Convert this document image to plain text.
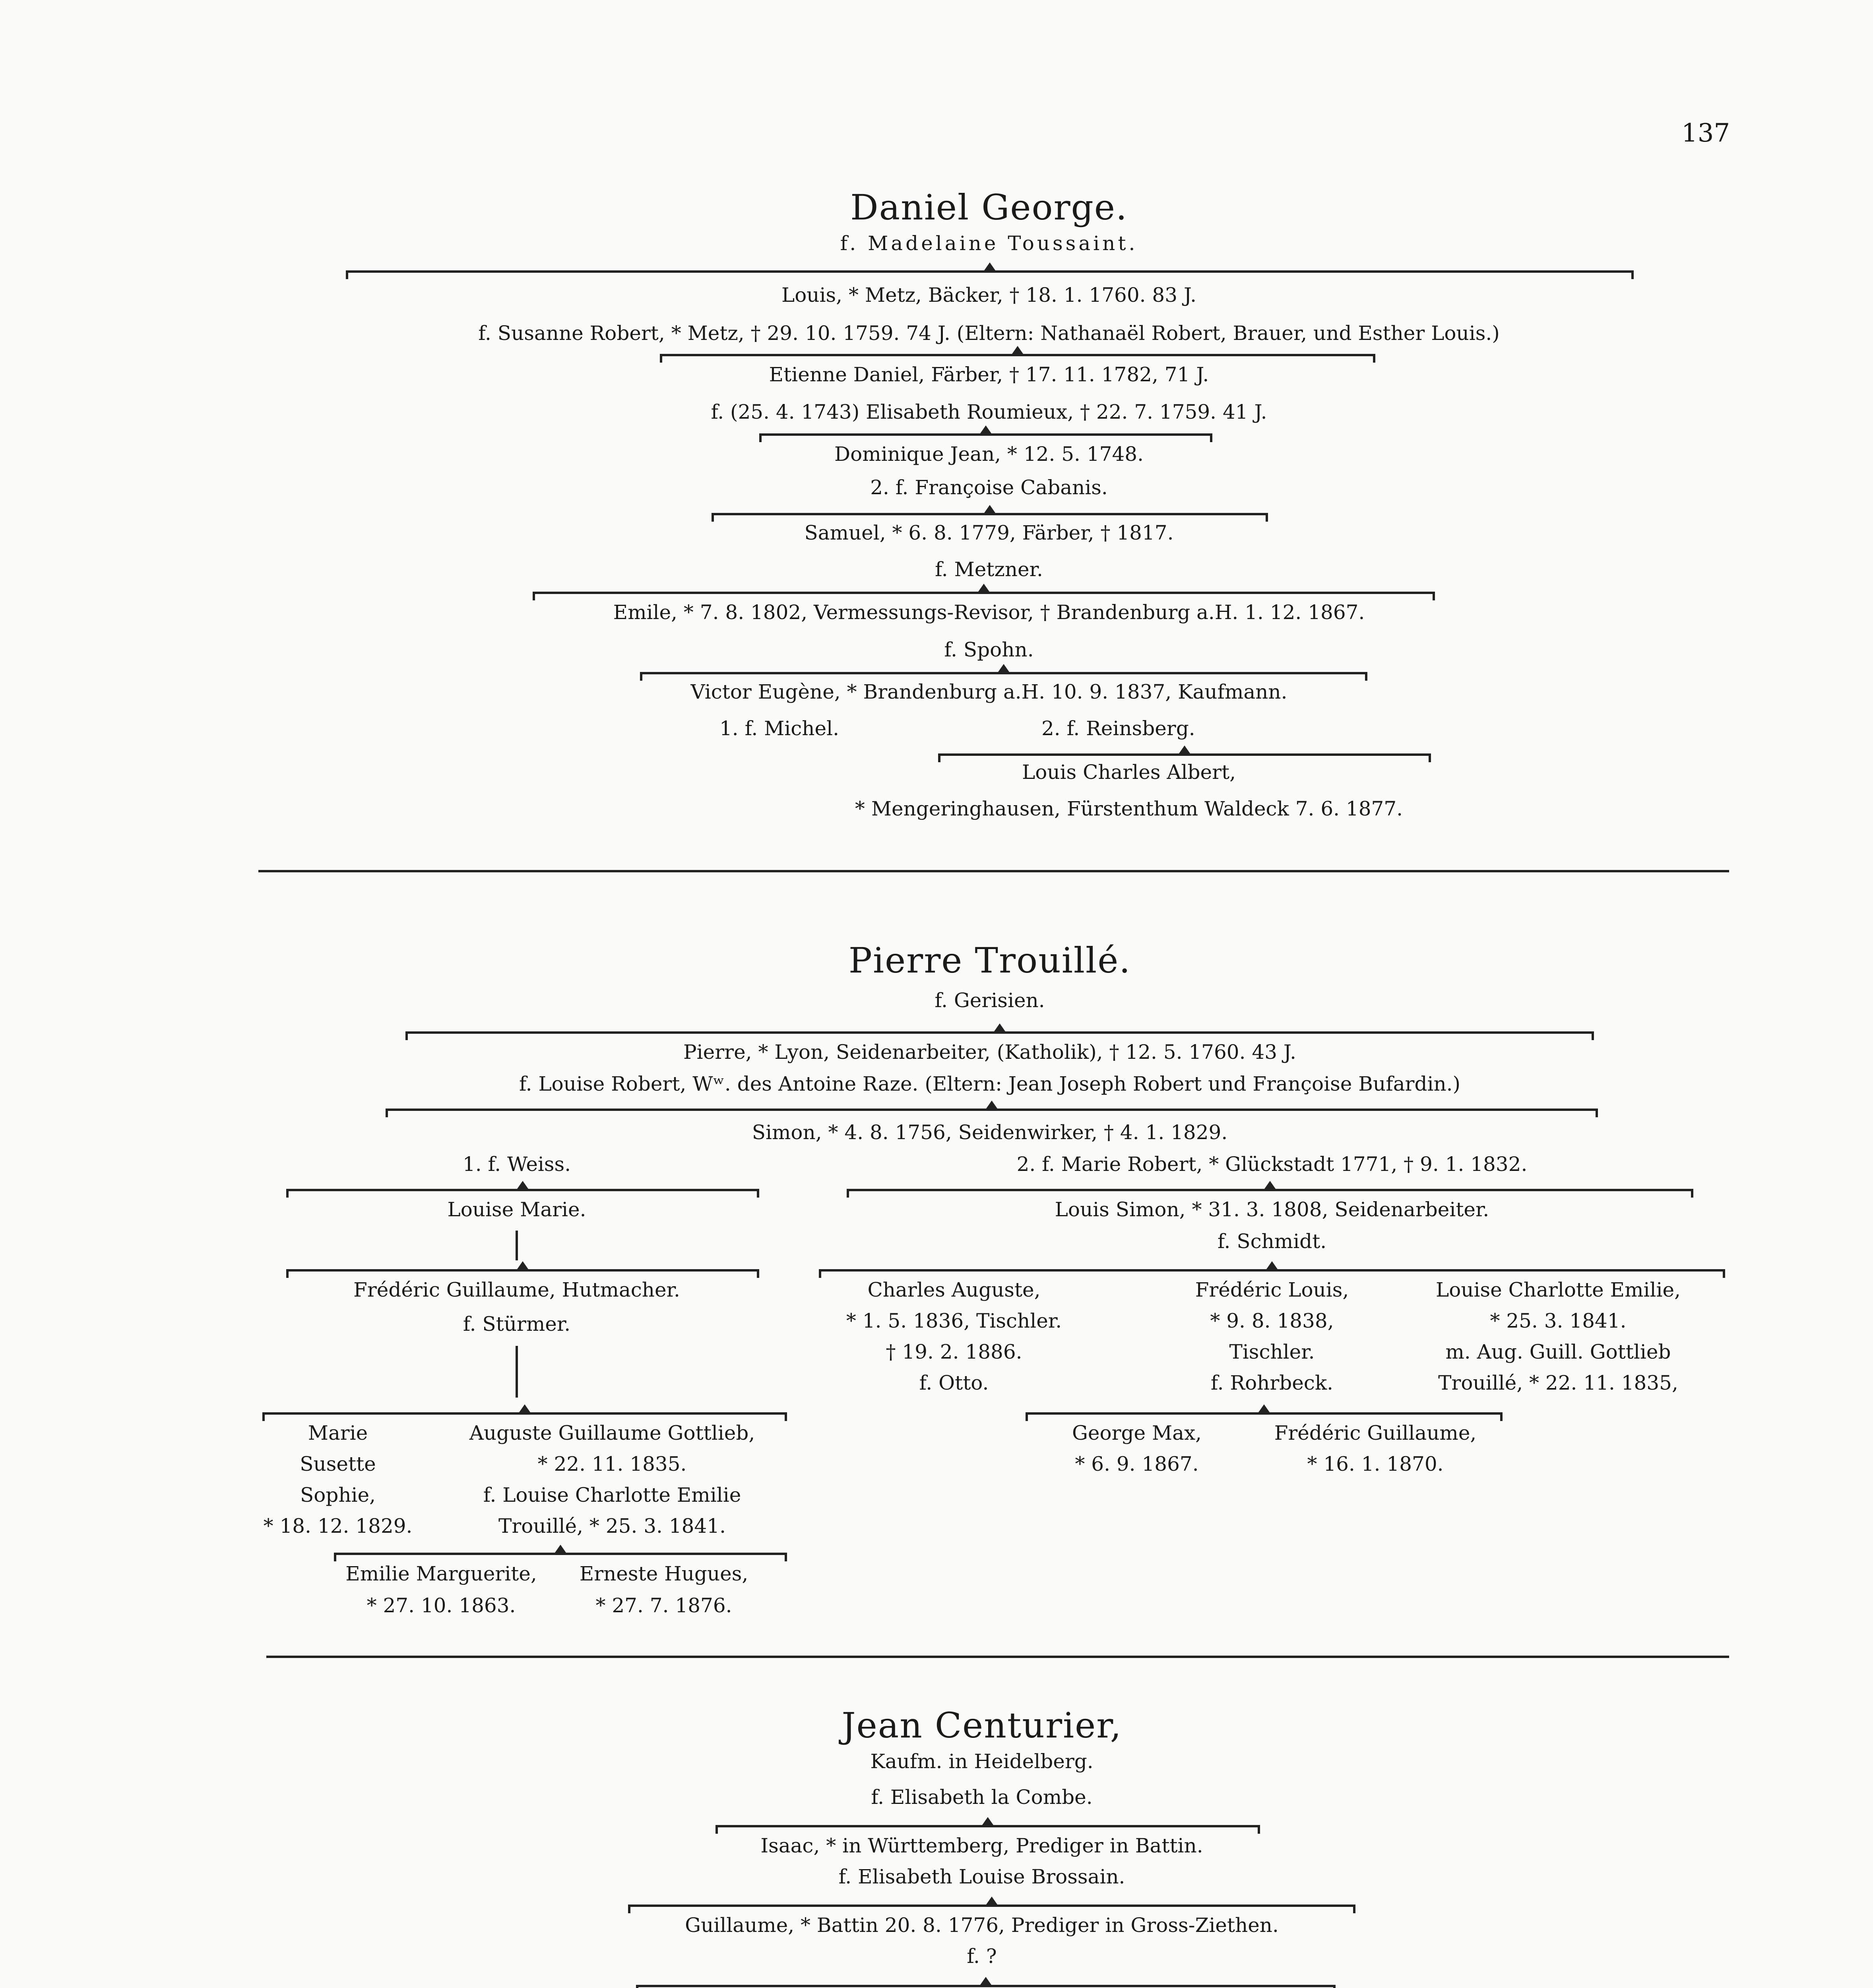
137
Daniel George.
f. Madelaine Toussaint.
Louis, * Metz, Bäcker, † 18. 1. 1760. 83 J.
f. Susanne Robert, * Metz, † 29. 10. 1759. 74 J. (Eltern: Nathanaël Robert, Brauer, und Esther Louis.)
Etienne Daniel, Färber, † 17. 11. 1782, 71 J.
f. (25. 4. 1743) Elisabeth Roumieux, † 22. 7. 1759. 41 J.
Dominique Jean, * 12. 5. 1748.
2. f. Françoise Cabanis.
Samuel, * 6. 8. 1779, Färber, † 1817.
f. Metzner.
Emile, * 7. 8. 1802, Vermessungs-Revisor, † Brandenburg a.H. 1. 12. 1867.
f. Spohn.
Victor Eugène, * Brandenburg a.H. 10. 9. 1837, Kaufmann.
1. f. Michel.	2. f. Reinsberg.
Louis Charles Albert,
* Mengeringhausen, Fürstenthum Waldeck 7. 6. 1877.
Pierre Trouillé.
f. Gerisien.
Pierre, * Lyon, Seidenarbeiter, (Katholik), † 12. 5. 1760. 43 J.
f. Louise Robert, Wʷ. des Antoine Raze. (Eltern: Jean Joseph Robert und Françoise Bufardin.)
Simon, * 4. 8. 1756, Seidenwirker, † 4. 1. 1829.
1. f. Weiss.	2. f. Marie Robert, * Glückstadt 1771, † 9. 1. 1832.
Louise Marie.
Frédéric Guillaume, Hutmacher.
f. Stürmer.
Marie
Susette
Sophie,
* 18. 12. 1829.
Auguste Guillaume Gottlieb,
* 22. 11. 1835.
f. Louise Charlotte Emilie
Trouillé, * 25. 3. 1841.
Emilie Marguerite,
* 27. 10. 1863.
Erneste Hugues,
* 27. 7. 1876.
Louis Simon, * 31. 3. 1808, Seidenarbeiter.
f. Schmidt.
Charles Auguste,
* 1. 5. 1836, Tischler.
† 19. 2. 1886.
f. Otto.
Frédéric Louis,
* 9. 8. 1838,
Tischler.
f. Rohrbeck.
Louise Charlotte Emilie,
* 25. 3. 1841.
m. Aug. Guill. Gottlieb
Trouillé, * 22. 11. 1835,
George Max,
* 6. 9. 1867.
Frédéric Guillaume,
* 16. 1. 1870.
Jean Centurier,
Kaufm. in Heidelberg.
f. Elisabeth la Combe.
Isaac, * in Württemberg, Prediger in Battin.
f. Elisabeth Louise Brossain.
Guillaume, * Battin 20. 8. 1776, Prediger in Gross-Ziethen.
f. ?
